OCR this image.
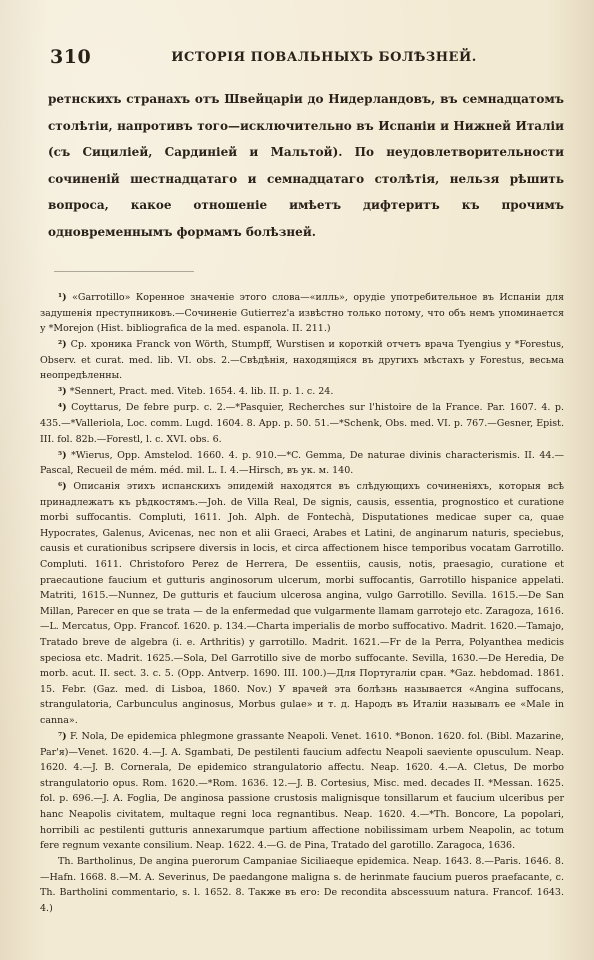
310	ИСТОРІЯ ПОВАЛЬНЫХЪ БОЛѢЗНЕЙ.

ретнскихъ странахъ отъ Швейцаріи до Нидерландовъ, въ семнадцатомъ столѣтіи, напротивъ того—исключительно въ Испаніи и Нижней Италіи (съ Сициліей, Сардиніей и Мальтой). По неудовлетворительности сочиненій шестнадцатаго и семнадцатаго столѣтія, нельзя рѣшить вопроса, какое отношеніе имѣетъ дифтеритъ къ прочимъ одновременнымъ формамъ болѣзней.

¹) «Garrotillo» Коренное значеніе этого слова—«илль», орудіе употребительное въ Испаніи для задушенія преступниковъ.—Сочиненіе Gutierrez'а извѣстно только потому, что объ немъ упоминается у *Morejon (Hist. bibliografica de la med. espanola. II. 211.)
²) Ср. хроника Franck von Wörth, Stumpff, Wurstisen и короткій отчетъ врача Tyengius у *Forestus, Observ. et curat. med. lib. VI. obs. 2.—Свѣдѣнія, находящіяся въ другихъ мѣстахъ у Forestus, весьма неопредѣленны.
³) *Sennert, Pract. med. Viteb. 1654. 4. lib. II. p. 1. c. 24.
⁴) Coyttarus, De febre purp. c. 2.—*Pasquier, Recherches sur l'histoire de la France. Par. 1607. 4. p. 435.—*Valleriola, Loc. comm. Lugd. 1604. 8. App. p. 50. 51.—*Schenk, Obs. med. VI. p. 767.—Gesner, Epist. III. fol. 82b.—Forestl, l. c. XVI. obs. 6.
⁵) *Wierus, Opp. Amstelod. 1660. 4. p. 910.—*C. Gemma, De naturae divinis characterismis. II. 44.—Pascal, Recueil de mém. méd. mil. L. I. 4.—Hirsch, въ ук. м. 140.
⁶) Описанія этихъ испанскихъ эпидемій находятся въ слѣдующихъ сочиненіяхъ, которыя всѣ принадлежатъ къ рѣдкостямъ.—Joh. de Villa Real, De signis, causis, essentia, prognostico et curatione morbi suffocantis. Compluti, 1611. Joh. Alph. de Fontechà, Disputationes medicae super ca, quae Hypocrates, Galenus, Avicenas, nec non et alii Graeci, Arabes et Latini, de anginarum naturis, speciebus, causis et curationibus scripsere diversis in locis, et circa affectionem hisce temporibus vocatam Garrotillo. Compluti. 1611. Christoforo Perez de Herrera, De essentiis, causis, notis, praesagio, curatione et praecautione faucium et gutturis anginosorum ulcerum, morbi suffocantis, Garrotillo hispanice appelati. Matriti, 1615.—Nunnez, De gutturis et faucium ulcerosa angina, vulgo Garrotillo. Sevilla. 1615.—De San Millan, Parecer en que se trata — de la enfermedad que vulgarmente llamam garrotejo etc. Zaragoza, 1616.—L. Mercatus, Opp. Francof. 1620. p. 134.—Charta imperialis de morbo suffocativo. Madrit. 1620.—Tamajo, Tratado breve de algebra (i. e. Arthritis) y garrotillo. Madrit. 1621.—Fr de la Perra, Polyanthea medicis speciosa etc. Madrit. 1625.—Sola, Del Garrotillo sive de morbo suffocante. Sevilla, 1630.—De Heredia, De morb. acut. II. sect. 3. c. 5. (Opp. Antverp. 1690. III. 100.)—Для Португаліи сран. *Gaz. hebdomad. 1861. 15. Febr. (Gaz. med. di Lisboa, 1860. Nov.) У врачей эта болѣзнь называется «Angina suffocans, strangulatoria, Carbunculus anginosus, Morbus gulae» и т. д. Народъ въ Италіи называлъ ее «Male in canna».
⁷) F. Nola, De epidemica phlegmone grassante Neapoli. Venet. 1610. *Bonon. 1620. fol. (Bibl. Mazarine, Par'я)—Venet. 1620. 4.—J. A. Sgambati, De pestilenti faucium adfectu Neapoli saeviente opusculum. Neap. 1620. 4.—J. B. Cornerala, De epidemico strangulatorio affectu. Neap. 1620. 4.—A. Cletus, De morbo strangulatorio opus. Rom. 1620.—*Rom. 1636. 12.—J. B. Cortesius, Misc. med. decades II. *Messan. 1625. fol. p. 696.—J. A. Foglia, De anginosa passione crustosis malignisque tonsillarum et faucium ulceribus per hanc Neapolis civitatem, multaque regni loca regnantibus. Neap. 1620. 4.—*Th. Boncore, La popolari, horribili ac pestilenti gutturis annexarumque partium affectione nobilissimam urbem Neapolin, ac totum fere regnum vexante consilium. Neap. 1622. 4.—G. de Pina, Tratado del garotillo. Zaragoca, 1636.
Th. Bartholinus, De angina puerorum Campaniae Siciliaeque epidemica. Neap. 1643. 8.—Paris. 1646. 8.—Hafn. 1668. 8.—M. A. Severinus, De paedangone maligna s. de herinmate faucium pueros praefacante, c. Th. Bartholini commentario, s. l. 1652. 8. Также въ его: De recondita abscessuum natura. Francof. 1643. 4.)
